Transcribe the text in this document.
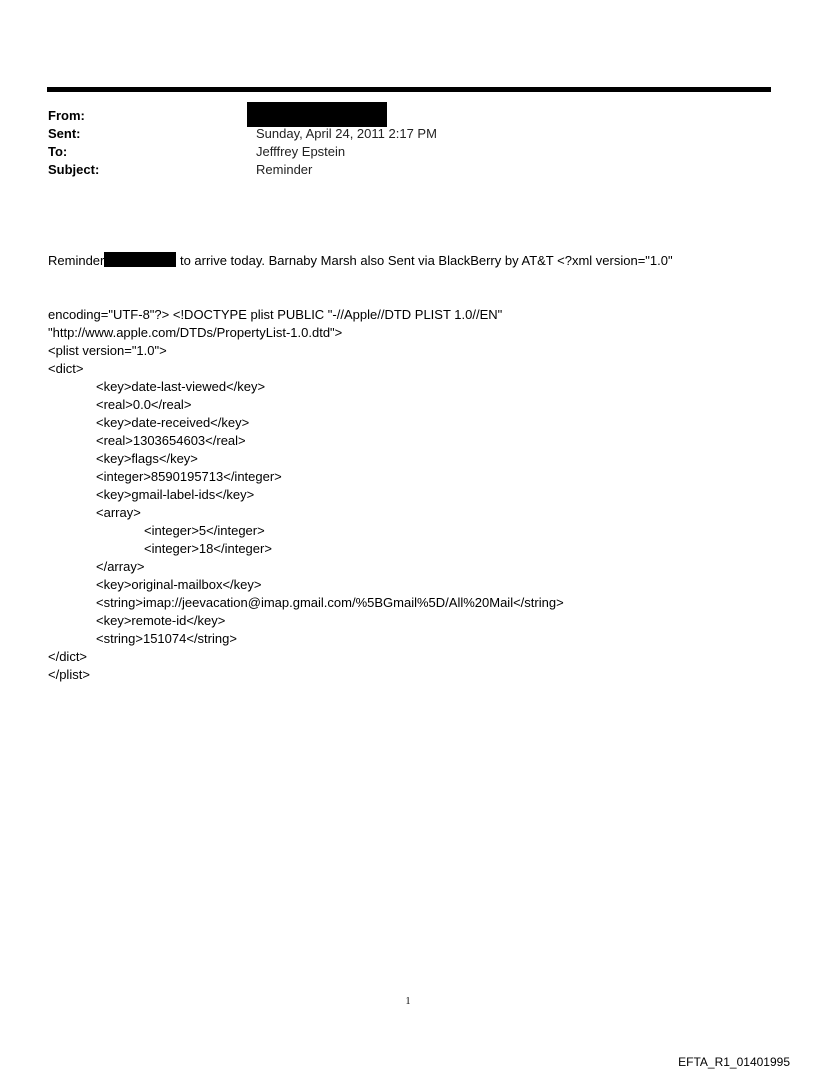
From:
Sent:	Sunday, April 24, 2011 2:17 PM
To:	Jefffrey Epstein
Subject:	Reminder

Reminder	to arrive today. Barnaby Marsh also Sent via BlackBerry by AT&T <?xml version="1.0"

encoding="UTF-8"?> <!DOCTYPE plist PUBLIC "-//Apple//DTD PLIST 1.0//EN"
"http://www.apple.com/DTDs/PropertyList-1.0.dtd">
<plist version="1.0">
<dict>
<key>date-last-viewed</key>
<real>0.0</real>
<key>date-received</key>
<real>1303654603</real>
<key>flags</key>
<integer>8590195713</integer>
<key>gmail-label-ids</key>
<array>
<integer>5</integer>
<integer>18</integer>
</array>
<key>original-mailbox</key>
<string>imap://jeevacation@imap.gmail.com/%5BGmail%5D/All%20Mail</string>
<key>remote-id</key>
<string>151074</string>
</dict>
</plist>

1
EFTA_R1_01401995
